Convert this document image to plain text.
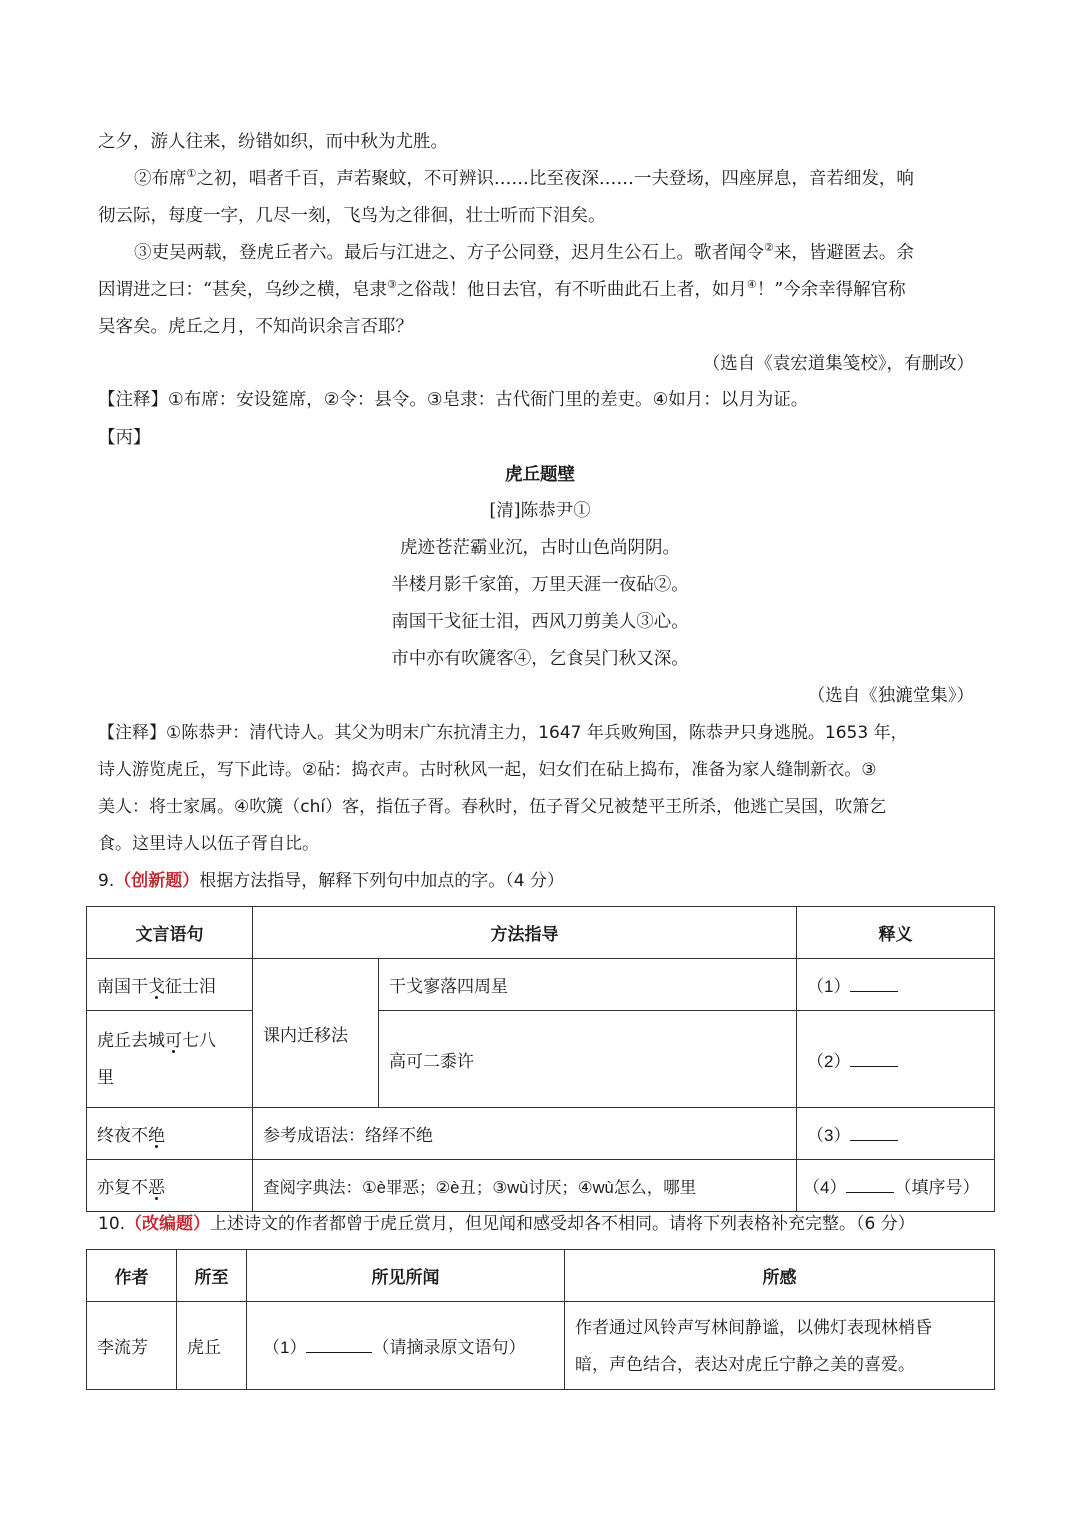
之夕，游人往来，纷错如织，而中秋为尤胜。
②布席①之初，唱者千百，声若聚蚊，不可辨识……比至夜深……一夫登场，四座屏息，音若细发，响
彻云际，每度一字，几尽一刻，飞鸟为之徘徊，壮士听而下泪矣。
③吏吴两载，登虎丘者六。最后与江进之、方子公同登，迟月生公石上。歌者闻令②来，皆避匿去。余
因谓进之曰：“甚矣，乌纱之横，皂隶③之俗哉！他日去官，有不听曲此石上者，如月④！”今余幸得解官称
吴客矣。虎丘之月，不知尚识余言否耶？
（选自《袁宏道集笺校》，有删改）
【注释】①布席：安设筵席，②令：县令。③皂隶：古代衙门里的差吏。④如月：以月为证。
【丙】
虎丘题壁
[清]陈恭尹①
虎迹苍茫霸业沉，古时山色尚阴阴。
半楼月影千家笛，万里天涯一夜砧②。
南国干戈征士泪，西风刀剪美人③心。
市中亦有吹篪客④，乞食吴门秋又深。
（选自《独漉堂集》）
【注释】①陈恭尹：清代诗人。其父为明末广东抗清主力，1647 年兵败殉国，陈恭尹只身逃脱。1653 年，
诗人游览虎丘，写下此诗。②砧：捣衣声。古时秋风一起，妇女们在砧上捣布，准备为家人缝制新衣。③
美人：将士家属。④吹篪（chí）客，指伍子胥。春秋时，伍子胥父兄被楚平王所杀，他逃亡吴国，吹箫乞
食。这里诗人以伍子胥自比。
9.（创新题）根据方法指导，解释下列句中加点的字。（4 分）
文言语句	方法指导		释义
南国干戈征士泪	课内迁移法	干戈寥落四周星	（1）
虎丘去城可七八
里		高可二黍许	（2）
终夜不绝	参考成语法：络绎不绝		（3）
亦复不恶	查阅字典法：①è罪恶；②è丑；③wù讨厌；④wù怎么，哪里		（4） （填序号）
10.（改编题）上述诗文的作者都曾于虎丘赏月，但见闻和感受却各不相同。请将下列表格补充完整。（6 分）
作者	所至	所见所闻	所感
李流芳	虎丘	（1） （请摘录原文语句）	作者通过风铃声写林间静谧，以佛灯表现林梢昏
暗，声色结合，表达对虎丘宁静之美的喜爱。
